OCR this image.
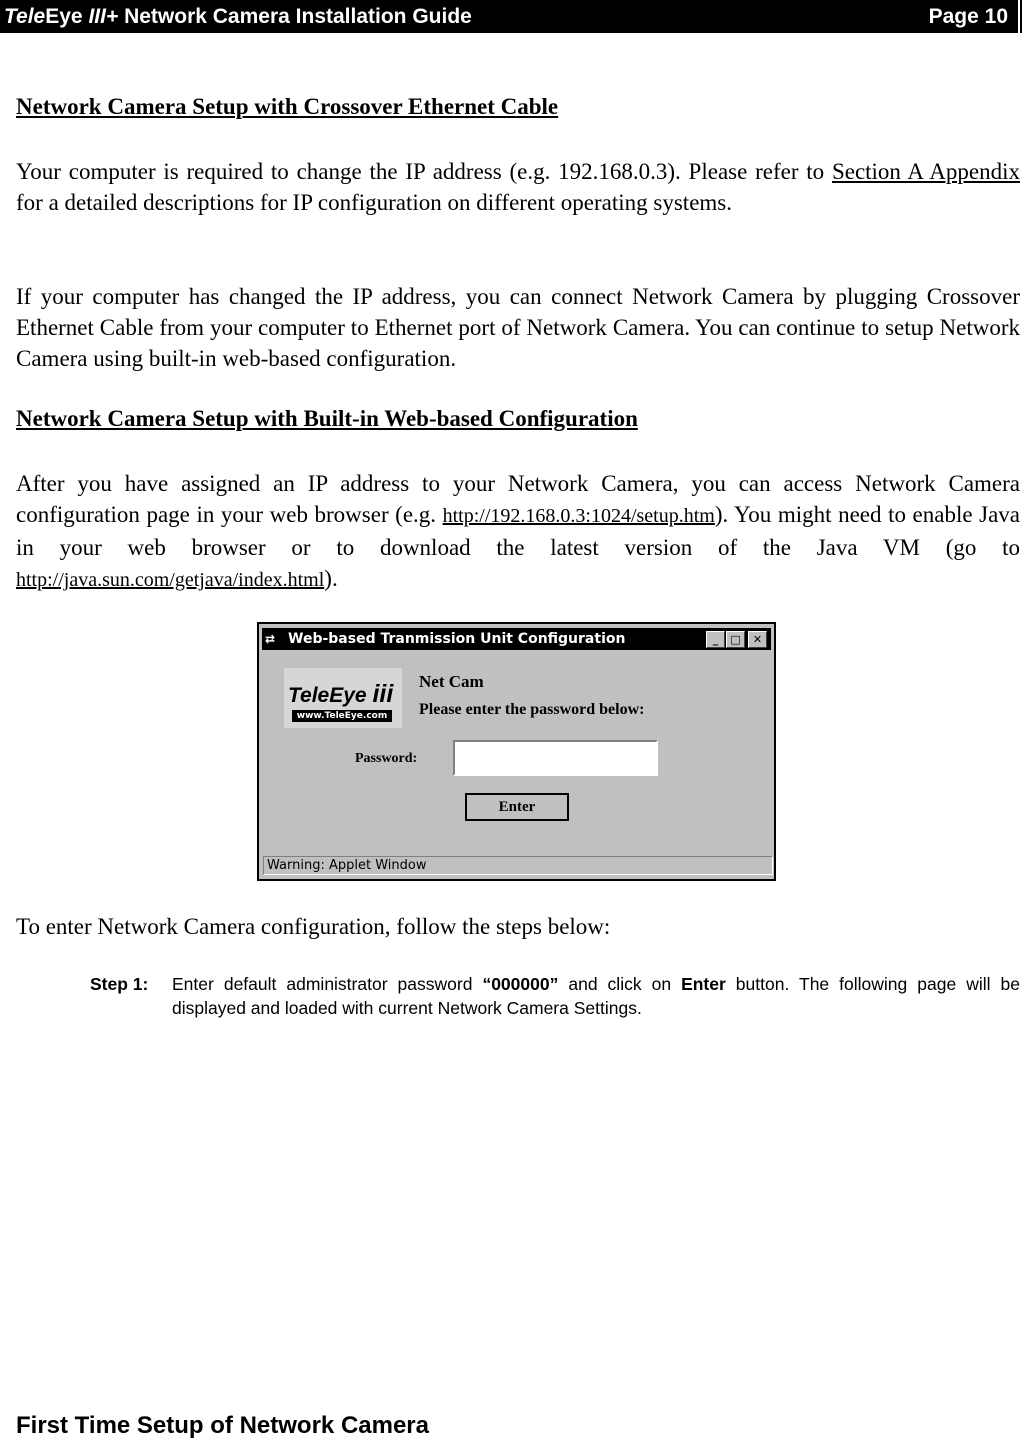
TeleEye III+ Network Camera Installation Guide	Page 10
Network Camera Setup with Crossover Ethernet Cable
Your computer is required to change the IP address (e.g. 192.168.0.3). Please refer to Section A Appendix for a detailed descriptions for IP configuration on different operating systems.
If your computer has changed the IP address, you can connect Network Camera by plugging Crossover Ethernet Cable from your computer to Ethernet port of Network Camera. You can continue to setup Network Camera using built-in web-based configuration.
Network Camera Setup with Built-in Web-based Configuration
After you have assigned an IP address to your Network Camera, you can access Network Camera configuration page in your web browser (e.g. http://192.168.0.3:1024/setup.htm). You might need to enable Java in your web browser or to download the latest version of the Java VM (go to http://java.sun.com/getjava/index.html).
⇄ Web-based Tranmission Unit Configuration	_	□	✕
TeleEye iii
www.TeleEye.com
Net Cam
Please enter the password below:
Password:
Enter
Warning: Applet Window
To enter Network Camera configuration, follow the steps below:
Step 1: Enter default administrator password “000000” and click on Enter button. The following page will be displayed and loaded with current Network Camera Settings.
First Time Setup of Network Camera
